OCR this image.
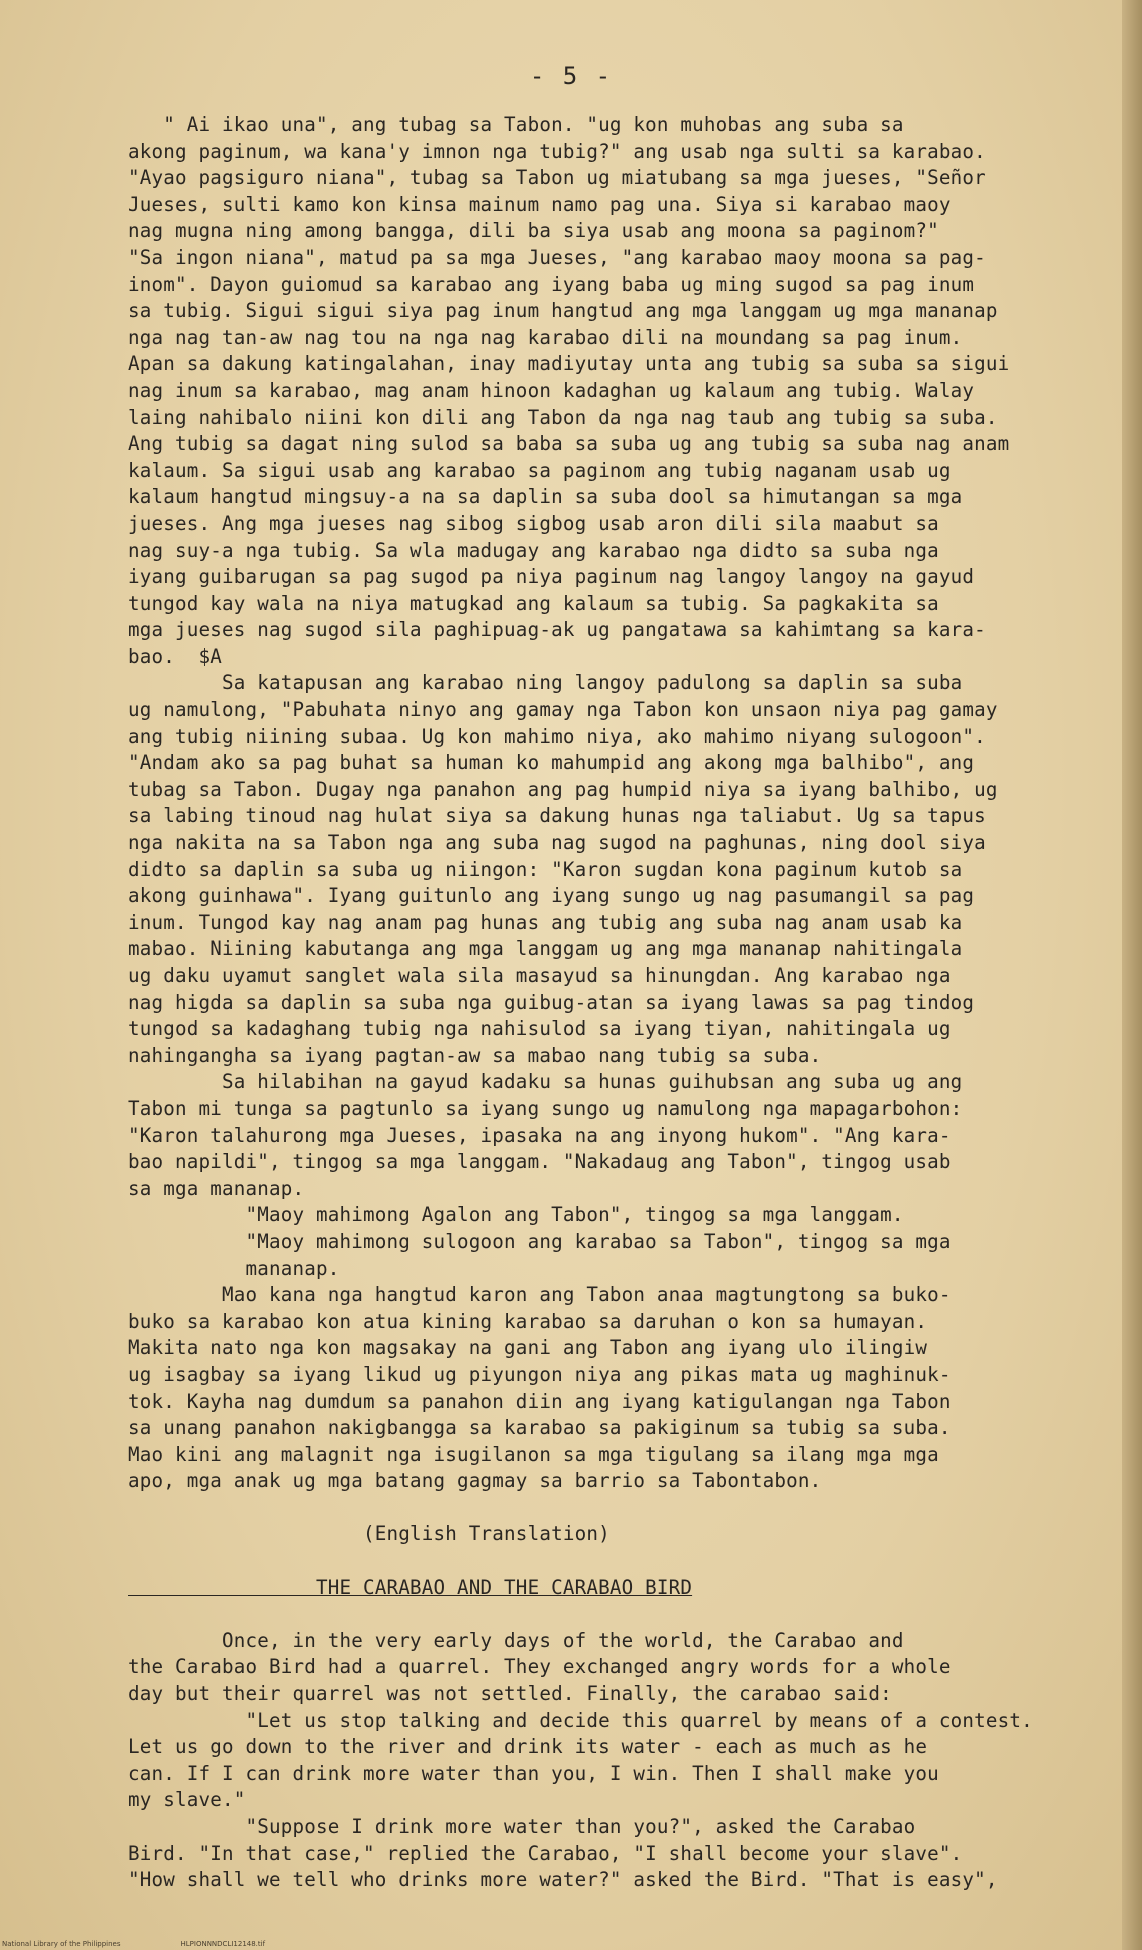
- 5 -
" Ai ikao una", ang tubag sa Tabon. "ug kon muhobas ang suba sa
akong paginum, wa kana'y imnon nga tubig?" ang usab nga sulti sa karabao.
"Ayao pagsiguro niana", tubag sa Tabon ug miatubang sa mga jueses, "Señor
Jueses, sulti kamo kon kinsa mainum namo pag una. Siya si karabao maoy
nag mugna ning among bangga, dili ba siya usab ang moona sa paginom?"
"Sa ingon niana", matud pa sa mga Jueses, "ang karabao maoy moona sa pag-
inom". Dayon guiomud sa karabao ang iyang baba ug ming sugod sa pag inum
sa tubig. Sigui sigui siya pag inum hangtud ang mga langgam ug mga mananap
nga nag tan-aw nag tou na nga nag karabao dili na moundang sa pag inum.
Apan sa dakung katingalahan, inay madiyutay unta ang tubig sa suba sa sigui
nag inum sa karabao, mag anam hinoon kadaghan ug kalaum ang tubig. Walay
laing nahibalo niini kon dili ang Tabon da nga nag taub ang tubig sa suba.
Ang tubig sa dagat ning sulod sa baba sa suba ug ang tubig sa suba nag anam
kalaum. Sa sigui usab ang karabao sa paginom ang tubig naganam usab ug
kalaum hangtud mingsuy-a na sa daplin sa suba dool sa himutangan sa mga
jueses. Ang mga jueses nag sibog sigbog usab aron dili sila maabut sa
nag suy-a nga tubig. Sa wla madugay ang karabao nga didto sa suba nga
iyang guibarugan sa pag sugod pa niya paginum nag langoy langoy na gayud
tungod kay wala na niya matugkad ang kalaum sa tubig. Sa pagkakita sa
mga jueses nag sugod sila paghipuag-ak ug pangatawa sa kahimtang sa kara-
bao.  $A
Sa katapusan ang karabao ning langoy padulong sa daplin sa suba
ug namulong, "Pabuhata ninyo ang gamay nga Tabon kon unsaon niya pag gamay
ang tubig niining subaa. Ug kon mahimo niya, ako mahimo niyang sulogoon".
"Andam ako sa pag buhat sa human ko mahumpid ang akong mga balhibo", ang
tubag sa Tabon. Dugay nga panahon ang pag humpid niya sa iyang balhibo, ug
sa labing tinoud nag hulat siya sa dakung hunas nga taliabut. Ug sa tapus
nga nakita na sa Tabon nga ang suba nag sugod na paghunas, ning dool siya
didto sa daplin sa suba ug niingon: "Karon sugdan kona paginum kutob sa
akong guinhawa". Iyang guitunlo ang iyang sungo ug nag pasumangil sa pag
inum. Tungod kay nag anam pag hunas ang tubig ang suba nag anam usab ka
mabao. Niining kabutanga ang mga langgam ug ang mga mananap nahitingala
ug daku uyamut sanglet wala sila masayud sa hinungdan. Ang karabao nga
nag higda sa daplin sa suba nga guibug-atan sa iyang lawas sa pag tindog
tungod sa kadaghang tubig nga nahisulod sa iyang tiyan, nahitingala ug
nahingangha sa iyang pagtan-aw sa mabao nang tubig sa suba.
Sa hilabihan na gayud kadaku sa hunas guihubsan ang suba ug ang
Tabon mi tunga sa pagtunlo sa iyang sungo ug namulong nga mapagarbohon:
"Karon talahurong mga Jueses, ipasaka na ang inyong hukom". "Ang kara-
bao napildi", tingog sa mga langgam. "Nakadaug ang Tabon", tingog usab
sa mga mananap.
"Maoy mahimong Agalon ang Tabon", tingog sa mga langgam.
"Maoy mahimong sulogoon ang karabao sa Tabon", tingog sa mga
mananap.
Mao kana nga hangtud karon ang Tabon anaa magtungtong sa buko-
buko sa karabao kon atua kining karabao sa daruhan o kon sa humayan.
Makita nato nga kon magsakay na gani ang Tabon ang iyang ulo ilingiw
ug isagbay sa iyang likud ug piyungon niya ang pikas mata ug maghinuk-
tok. Kayha nag dumdum sa panahon diin ang iyang katigulangan nga Tabon
sa unang panahon nakigbangga sa karabao sa pakiginum sa tubig sa suba.
Mao kini ang malagnit nga isugilanon sa mga tigulang sa ilang mga mga
apo, mga anak ug mga batang gagmay sa barrio sa Tabontabon.
(English Translation)
THE CARABAO AND THE CARABAO BIRD
Once, in the very early days of the world, the Carabao and
the Carabao Bird had a quarrel. They exchanged angry words for a whole
day but their quarrel was not settled. Finally, the carabao said:
"Let us stop talking and decide this quarrel by means of a contest.
Let us go down to the river and drink its water - each as much as he
can. If I can drink more water than you, I win. Then I shall make you
my slave."
"Suppose I drink more water than you?", asked the Carabao
Bird. "In that case," replied the Carabao, "I shall become your slave".
"How shall we tell who drinks more water?" asked the Bird. "That is easy",
National Library of the Philippines	HLPIONNNDCLI12148.tif
